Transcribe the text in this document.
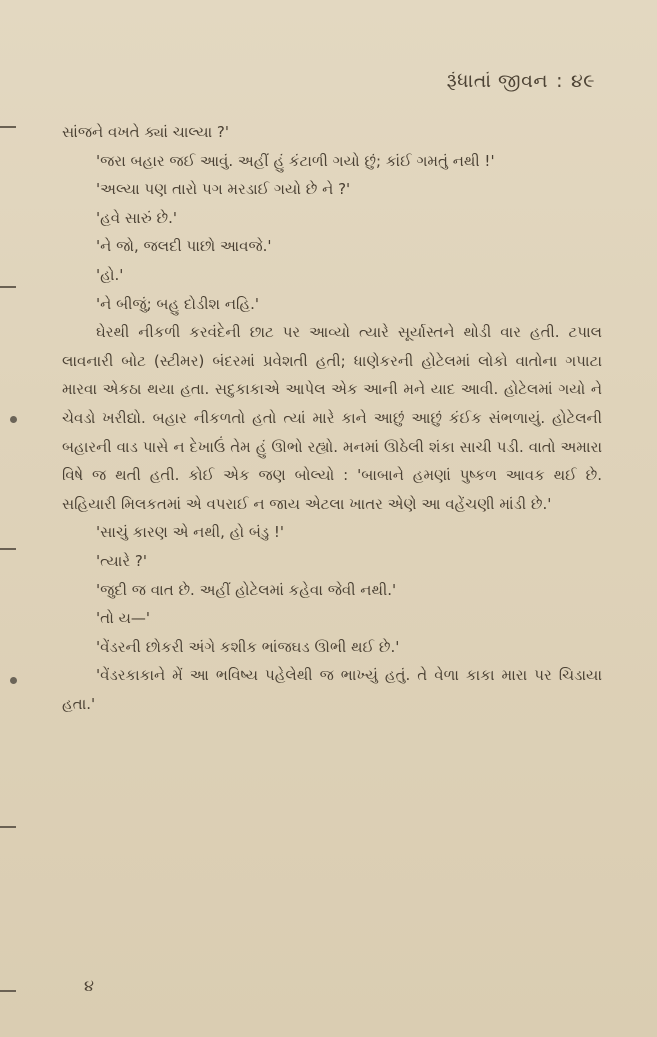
રૂંધાતાં જીવન : ૪૯

સાંજને વખતે ક્યાં ચાલ્યા ?'

'જરા બહાર જઈ આવું. અહીં હું કંટાળી ગયો છું; કાંઈ ગમતું નથી !'

'અલ્યા પણ તારો પગ મરડાઈ ગયો છે ને ?'

'હવે સારું છે.'

'ને જો, જલદી પાછો આવજે.'

'હો.'

'ને બીજું; બહુ દોડીશ નહિ.'

ઘેરથી નીકળી કરવંદેની છાટ પર આવ્યો ત્યારે સૂર્યાસ્તને થોડી વાર હતી. ટપાલ લાવનારી બોટ (સ્ટીમર) બંદરમાં પ્રવેશતી હતી; ધાણેકરની હોટેલમાં લોકો વાતોના ગપાટા મારવા એકઠા થયા હતા. સદુકાકાએ આપેલ એક આની મને યાદ આવી. હોટેલમાં ગયો ને ચેવડો ખરીદ્યો. બહાર નીકળતો હતો ત્યાં મારે કાને આછું આછું કંઈક સંભળાયું. હોટેલની બહારની વાડ પાસે ન દેખાઉં તેમ હું ઊભો રહ્યો. મનમાં ઊઠેલી શંકા સાચી પડી. વાતો અમારા વિષે જ થતી હતી. કોઈ એક જણ બોલ્યો : 'બાબાને હમણાં પુષ્કળ આવક થઈ છે. સહિયારી મિલકતમાં એ વપરાઈ ન જાય એટલા ખાતર એણે આ વહેંચણી માંડી છે.'

'સાચું કારણ એ નથી, હો બંડુ !'

'ત્યારે ?'

'જુદી જ વાત છે. અહીં હોટેલમાં કહેવા જેવી નથી.'

'તો ય—'

'વેંડરની છોકરી અંગે કશીક ભાંજઘડ ઊભી થઈ છે.'

'વેંડરકાકાને મેં આ ભવિષ્ય પહેલેથી જ ભાખ્યું હતું. તે વેળા કાકા મારા પર ચિડાયા હતા.'

૪
